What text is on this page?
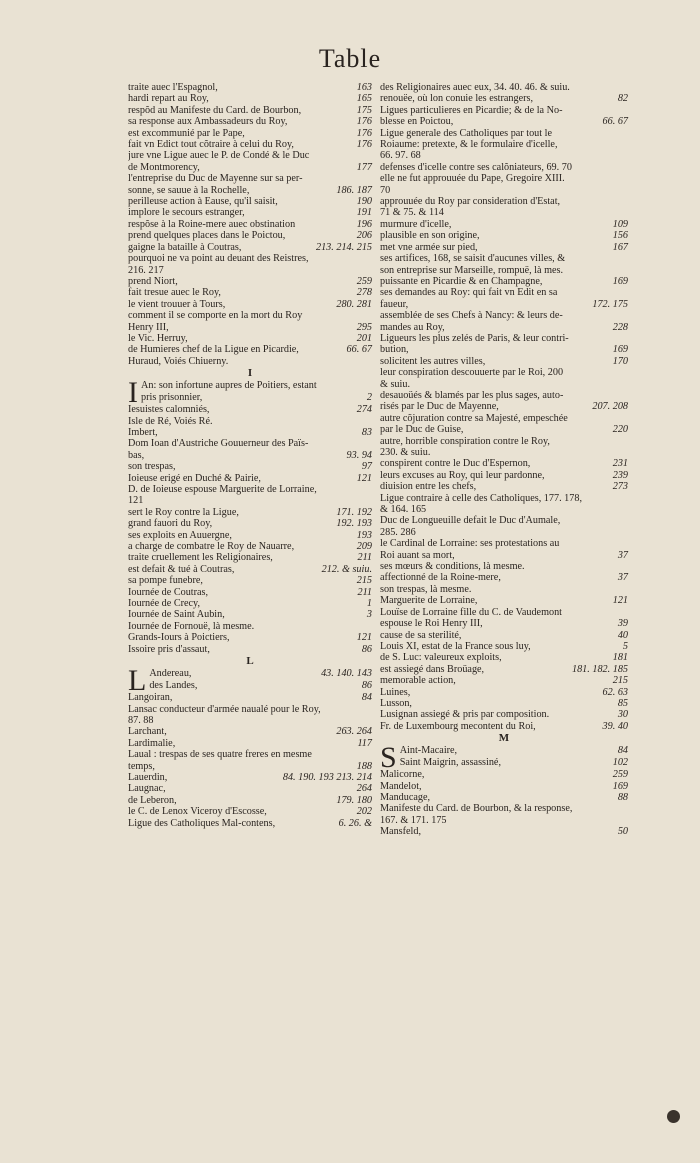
Table
traite auec l'Espagnol,	163
hardi repart au Roy,	165
respõd au Manifeste du Card. de Bourbon,	175
sa response aux Ambassadeurs du Roy,	176
est excommunié par le Pape,	176
fait vn Edict tout cõtraire à celui du Roy,	176
jure vne Ligue auec le P. de Condé & le Duc
de Montmorency,	177
l'entreprise du Duc de Mayenne sur sa per-
sonne, se sauue à la Rochelle,	186. 187
perilleuse action à Eause, qu'il saisit,	190
implore le secours estranger,	191
respõse à la Roine-mere auec obstination	196
prend quelques places dans le Poictou,	206
gaigne la bataille à Coutras,	213. 214. 215
pourquoi ne va point au deuant des Reistres,
216. 217
prend Niort,	259
fait tresue auec le Roy,	278
le vient trouuer à Tours,	280. 281
comment il se comporte en la mort du Roy
Henry III,	295
le Vic. Herruy,	201
de Humieres chef de la Ligue en Picardie,	66. 67
Huraud, Voiés Chiuerny.
I
I An: son infortune aupres de Poitiers, estant
pris prisonnier,	2
Iesuistes calomniés,	274
Isle de Ré, Voiés Ré.
Imbert,	83
Dom Ioan d'Austriche Gouuerneur des Païs-
bas,	93. 94
son trespas,	97
Ioieuse erigé en Duché & Pairie,	121
D. de Ioieuse espouse Marguerite de Lorraine,
121
sert le Roy contre la Ligue,	171. 192
grand fauori du Roy,	192. 193
ses exploits en Auuergne,	193
a charge de combatre le Roy de Nauarre,	209
traite cruellement les Religionaires,	211
est defait & tué à Coutras,	212. & suiu.
sa pompe funebre,	215
Iournée de Coutras,	211
Iournée de Crecy,	1
Iournée de Saint Aubin,	3
Iournée de Fornouë, là mesme.
Grands-Iours à Poictiers,	121
Issoire pris d'assaut,	86
L
L Andereau,	43. 140. 143
des Landes,	86
Langoiran,	84
Lansac conducteur d'armée naualé pour le Roy,
87. 88
Larchant,	263. 264
Lardimalie,	117
Laual : trespas de ses quatre freres en mesme
temps,	188
Lauerdin,	84. 190. 193 213. 214
Laugnac,	264
de Leberon,	179. 180
le C. de Lenox Viceroy d'Escosse,	202
Ligue des Catholiques Mal-contens,	6. 26. &
des Religionaires auec eux, 34. 40. 46. & suiu.
renouëe, où lon conuie les estrangers,	82
Ligues particulieres en Picardie; & de la No-
blesse en Poictou,	66. 67
Ligue generale des Catholiques par tout le
Roiaume: pretexte, & le formulaire d'icelle,
66. 97. 68
defenses d'icelle contre ses calõniateurs, 69. 70
elle ne fut approuuée du Pape, Gregoire XIII.
70
approuuée du Roy par consideration d'Estat,
71 & 75. & 114
murmure d'icelle,	109
plausible en son origine,	156
met vne armée sur pied,	167
ses artifices, 168, se saisit d'aucunes villes, &
son entreprise sur Marseille, rompuë, là mes.
puissante en Picardie & en Champagne,	169
ses demandes au Roy: qui fait vn Edit en sa
faueur,	172. 175
assemblée de ses Chefs à Nancy: & leurs de-
mandes au Roy,	228
Ligueurs les plus zelés de Paris, & leur contri-
bution,	169
solicitent les autres villes,	170
leur conspiration descouuerte par le Roi, 200
& suiu.
desauoüés & blamés par les plus sages, auto-
risés par le Duc de Mayenne,	207. 208
autre cõjuration contre sa Majesté, empeschée
par le Duc de Guise,	220
autre, horrible conspiration contre le Roy,
230. & suiu.
conspirent contre le Duc d'Espernon,	231
leurs excuses au Roy, qui leur pardonne,	239
diuision entre les chefs,	273
Ligue contraire à celle des Catholiques, 177. 178,
& 164. 165
Duc de Longueuille defait le Duc d'Aumale,
285. 286
le Cardinal de Lorraine: ses protestations au
Roi auant sa mort,	37
ses mœurs & conditions, là mesme.
affectionné de la Roine-mere,	37
son trespas, là mesme.
Marguerite de Lorraine,	121
Louïse de Lorraine fille du C. de Vaudemont
espouse le Roi Henry III,	39
cause de sa sterilité,	40
Louis XI, estat de la France sous luy,	5
de S. Luc: valeureux exploits,	181
est assiegé dans Broüage,	181. 182. 185
memorable action,	215
Luines,	62. 63
Lusson,	85
Lusignan assiegé & pris par composition.	30
Fr. de Luxembourg mecontent du Roi,	39. 40
M
S Aint-Macaire,	84
Saint Maigrin, assassiné,	102
Malicorne,	259
Mandelot,	169
Manducage,	88
Manifeste du Card. de Bourbon, & la response,
167. & 171. 175
Mansfeld,	50
